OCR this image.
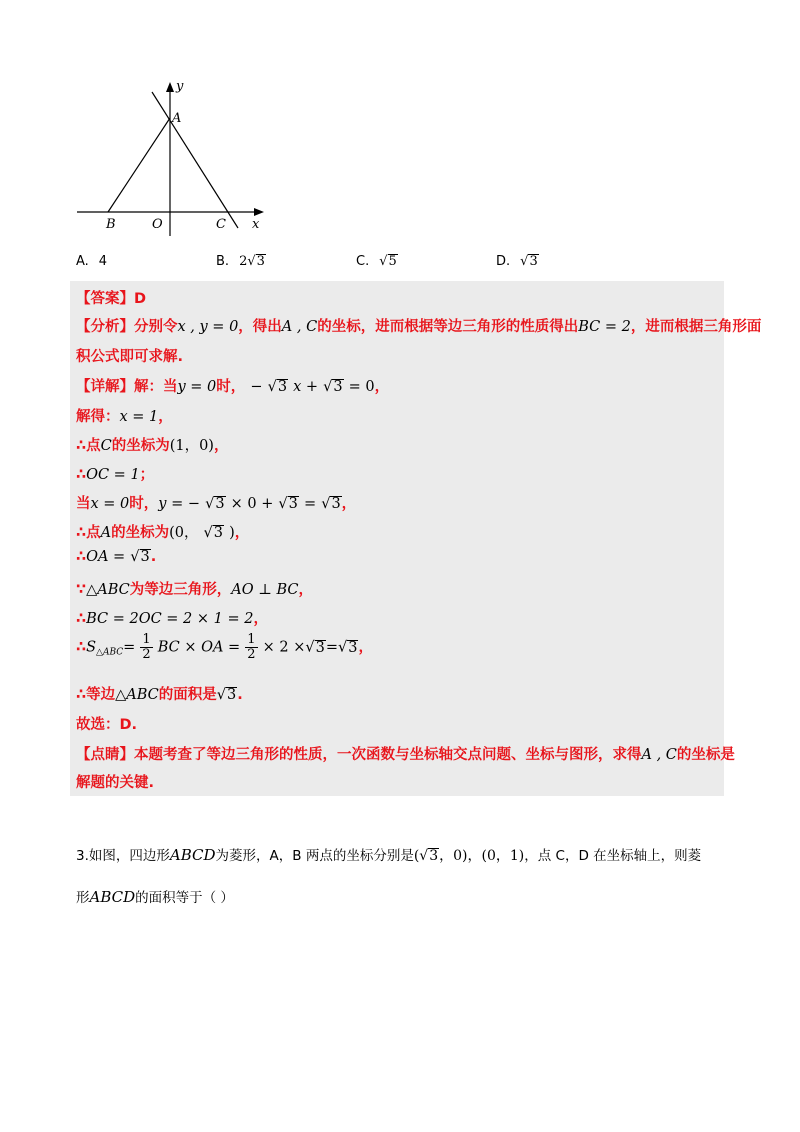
y
A
B	O	C x
A. 4	B. 2√3	C. √5	D. √3
【答案】D
【分析】分别令x , y = 0，得出A , C的坐标，进而根据等边三角形的性质得出BC = 2，进而根据三角形面
积公式即可求解.
【详解】解：当y = 0时， − √3 x + √3 = 0，
解得：x = 1，
∴点C的坐标为(1，0)，
∴OC = 1；
当x = 0时，y = − √3 × 0 + √3 = √3，
∴点A的坐标为(0， √3 )，
∴OA = √3.
∵△ABC为等边三角形，AO ⊥ BC，
∴BC = 2OC = 2 × 1 = 2，
$\therefore S_{\triangle ABC}= \frac{1}{2}$ BC × OA = $\frac{1}{2} \times 2 \times√3=√3$，
∴等边△ABC的面积是√3.
故选：D.
【点睛】本题考查了等边三角形的性质，一次函数与坐标轴交点问题、坐标与图形，求得A , C的坐标是
解题的关键.
3.如图，四边形ABCD为菱形，A，B 两点的坐标分别是(√3，0)，(0，1)，点 C，D 在坐标轴上，则菱
形ABCD的面积等于（ ）
